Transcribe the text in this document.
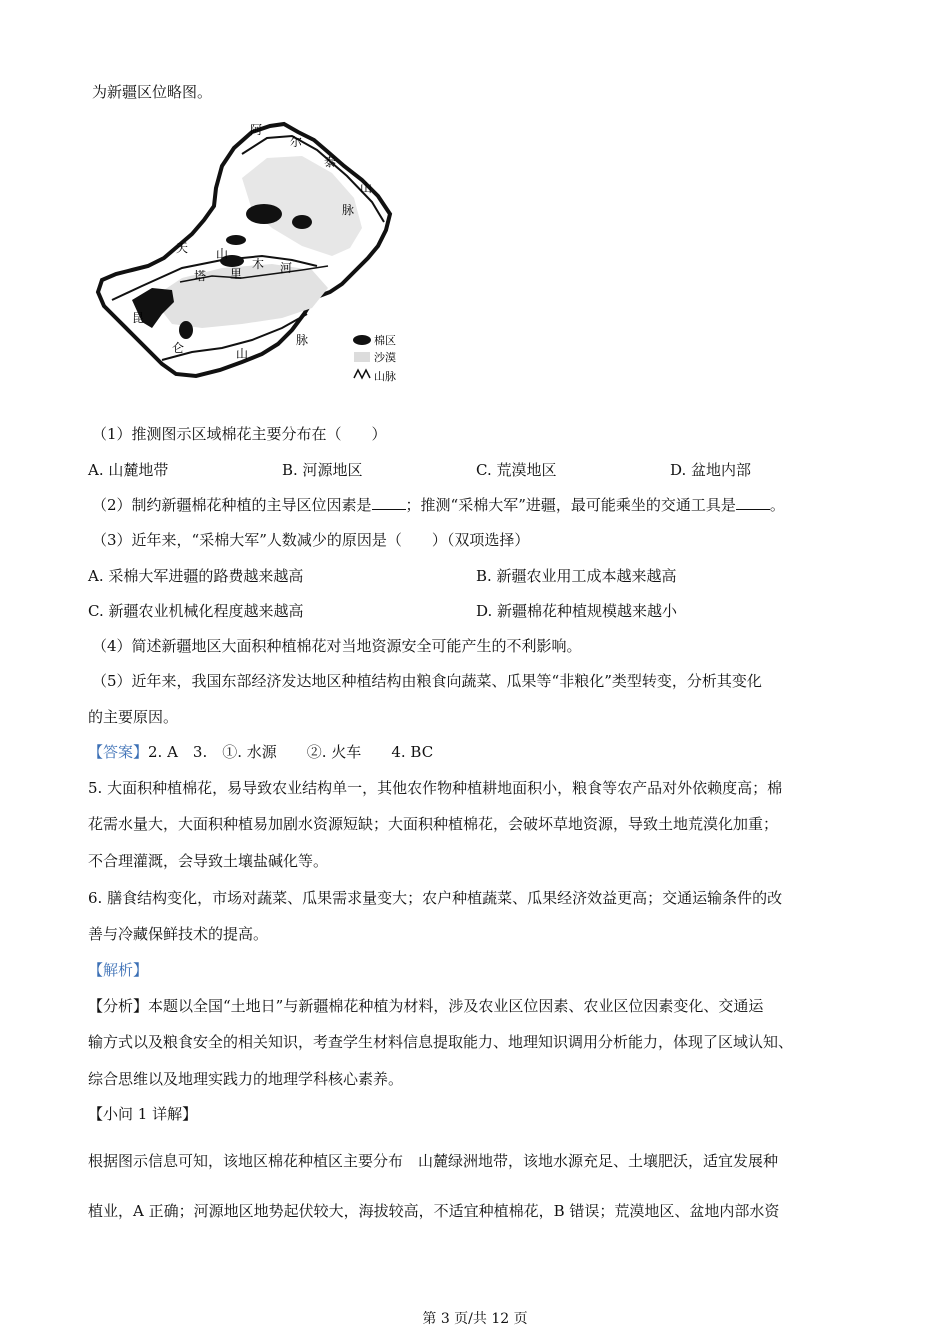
为新疆区位略图。
阿
尔
泰
山
脉
天 山
塔 里
木 河
昆
仑	山
脉	棉区
沙漠
山脉
（1）推测图示区域棉花主要分布在（　　）
A. 山麓地带	B. 河源地区	C. 荒漠地区	D. 盆地内部
（2）制约新疆棉花种植的主导区位因素是 ；推测“采棉大军”进疆，最可能乘坐的交通工具是 。
（3）近年来，“采棉大军”人数减少的原因是（　　）（双项选择）
A. 采棉大军进疆的路费越来越高	B. 新疆农业用工成本越来越高
C. 新疆农业机械化程度越来越高	D. 新疆棉花种植规模越来越小
（4）简述新疆地区大面积种植棉花对当地资源安全可能产生的不利影响。
（5）近年来，我国东部经济发达地区种植结构由粮食向蔬菜、瓜果等“非粮化”类型转变，分析其变化
的主要原因。
【答案】2. A　3.　①. 水源　　②. 火车　　4. BC
5. 大面积种植棉花，易导致农业结构单一，其他农作物种植耕地面积小，粮食等农产品对外依赖度高；棉
花需水量大，大面积种植易加剧水资源短缺；大面积种植棉花，会破坏草地资源，导致土地荒漠化加重；
不合理灌溉，会导致土壤盐碱化等。
6. 膳食结构变化，市场对蔬菜、瓜果需求量变大；农户种植蔬菜、瓜果经济效益更高；交通运输条件的改
善与冷藏保鲜技术的提高。
【解析】
【分析】本题以全国“土地日”与新疆棉花种植为材料，涉及农业区位因素、农业区位因素变化、交通运
输方式以及粮食安全的相关知识，考查学生材料信息提取能力、地理知识调用分析能力，体现了区域认知、
综合思维以及地理实践力的地理学科核心素养。
【小问 1 详解】
根据图示信息可知，该地区棉花种植区主要分布　山麓绿洲地带，该地水源充足、土壤肥沃，适宜发展种
植业，A 正确；河源地区地势起伏较大，海拔较高，不适宜种植棉花，B 错误；荒漠地区、盆地内部水资
第 3 页/共 12 页
